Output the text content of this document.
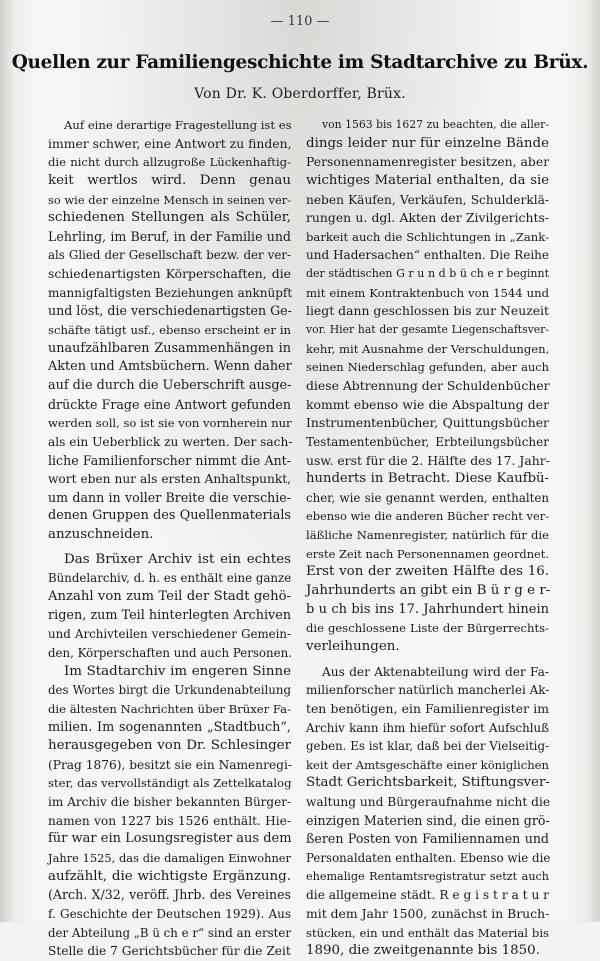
— 110 —
Quellen zur Familiengeschichte im Stadtarchive zu Brüx.
Von Dr. K. Oberdorffer, Brüx.
Auf eine derartige Fragestellung ist es
immer schwer, eine Antwort zu finden,
die nicht durch allzugroße Lückenhaftig-
keit wertlos wird. Denn genau
so wie der einzelne Mensch in seinen ver-
schiedenen Stellungen als Schüler,
Lehrling, im Beruf, in der Familie und
als Glied der Gesellschaft bezw. der ver-
schiedenartigsten Körperschaften, die
mannigfaltigsten Beziehungen anknüpft
und löst, die verschiedenartigsten Ge-
schäfte tätigt usf., ebenso erscheint er in
unaufzählbaren Zusammenhängen in
Akten und Amtsbüchern. Wenn daher
auf die durch die Ueberschrift ausge-
drückte Frage eine Antwort gefunden
werden soll, so ist sie von vornherein nur
als ein Ueberblick zu werten. Der sach-
liche Familienforscher nimmt die Ant-
wort eben nur als ersten Anhaltspunkt,
um dann in voller Breite die verschie-
denen Gruppen des Quellenmaterials
anzuschneiden.
Das Brüxer Archiv ist ein echtes
Bündelarchiv, d. h. es enthält eine ganze
Anzahl von zum Teil der Stadt gehö-
rigen, zum Teil hinterlegten Archiven
und Archivteilen verschiedener Gemein-
den, Körperschaften und auch Personen.
Im Stadtarchiv im engeren Sinne
des Wortes birgt die Urkundenabteilung
die ältesten Nachrichten über Brüxer Fa-
milien. Im sogenannten „Stadtbuch“,
herausgegeben von Dr. Schlesinger
(Prag 1876), besitzt sie ein Namenregi-
ster, das vervollständigt als Zettelkatalog
im Archiv die bisher bekannten Bürger-
namen von 1227 bis 1526 enthält. Hie-
für war ein Losungsregister aus dem
Jahre 1525, das die damaligen Einwohner
aufzählt, die wichtigste Ergänzung.
(Arch. X/32, veröff. Jhrb. des Vereines
f. Geschichte der Deutschen 1929). Aus
der Abteilung „B ü ch e r“ sind an erster
Stelle die 7 Gerichtsbücher für die Zeit
von 1563 bis 1627 zu beachten, die aller-
dings leider nur für einzelne Bände
Personennamenregister besitzen, aber
wichtiges Material enthalten, da sie
neben Käufen, Verkäufen, Schulderklä-
rungen u. dgl. Akten der Zivilgerichts-
barkeit auch die Schlichtungen in „Zank-
und Hadersachen“ enthalten. Die Reihe
der städtischen G r u n d b ü ch e r beginnt
mit einem Kontraktenbuch von 1544 und
liegt dann geschlossen bis zur Neuzeit
vor. Hier hat der gesamte Liegenschaftsver-
kehr, mit Ausnahme der Verschuldungen,
seinen Niederschlag gefunden, aber auch
diese Abtrennung der Schuldenbücher
kommt ebenso wie die Abspaltung der
Instrumentenbücher, Quittungsbücher
Testamentenbücher, Erbteilungsbücher
usw. erst für die 2. Hälfte des 17. Jahr-
hunderts in Betracht. Diese Kaufbü-
cher, wie sie genannt werden, enthalten
ebenso wie die anderen Bücher recht ver-
läßliche Namenregister, natürlich für die
erste Zeit nach Personennamen geordnet.
Erst von der zweiten Hälfte des 16.
Jahrhunderts an gibt ein B ü r g e r-
b u ch bis ins 17. Jahrhundert hinein
die geschlossene Liste der Bürgerrechts-
verleihungen.
Aus der Aktenabteilung wird der Fa-
milienforscher natürlich mancherlei Ak-
ten benötigen, ein Familienregister im
Archiv kann ihm hiefür sofort Aufschluß
geben. Es ist klar, daß bei der Vielseitig-
keit der Amtsgeschäfte einer königlichen
Stadt Gerichtsbarkeit, Stiftungsver-
waltung und Bürgeraufnahme nicht die
einzigen Materien sind, die einen grö-
ßeren Posten von Familiennamen und
Personaldaten enthalten. Ebenso wie die
ehemalige Rentamtsregistratur setzt auch
die allgemeine städt. R e g i s t r a t u r
mit dem Jahr 1500, zunächst in Bruch-
stücken, ein und enthält das Material bis
1890, die zweitgenannte bis 1850.
